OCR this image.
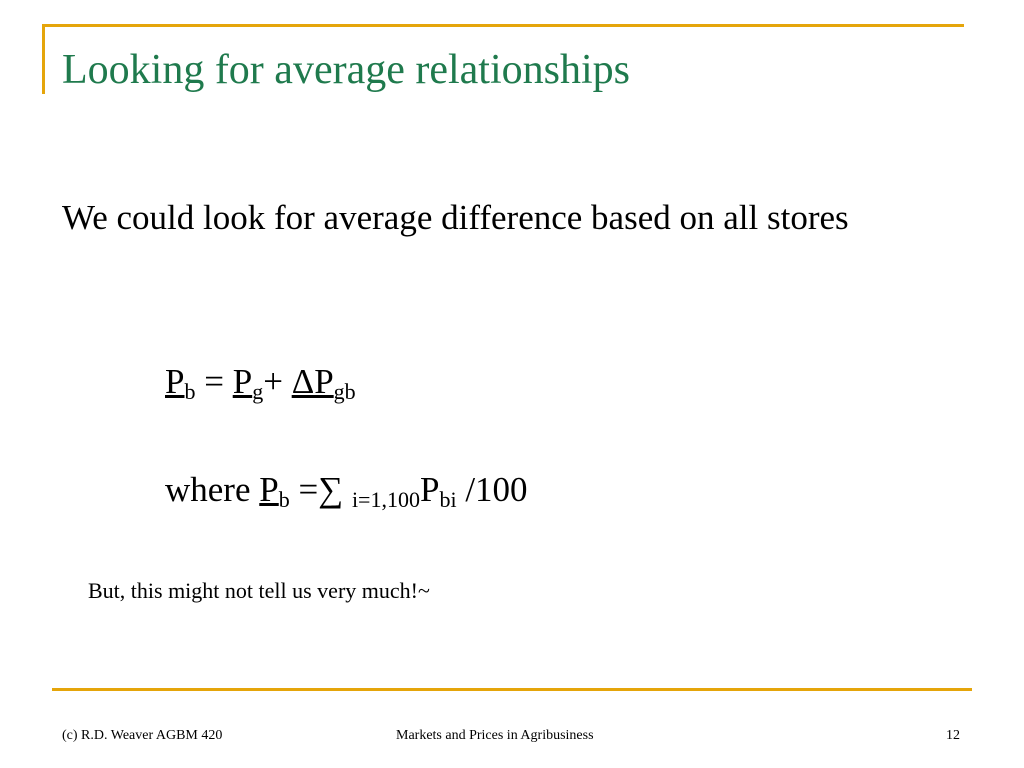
Looking for average relationships
We could look for average difference based on all stores
$P_b = P_g+ \Delta P_{gb}$
where $P_b$ =∑ $_{i=1,100}P_{bi}$ /100
But, this might not tell us very much!~
(c) R.D. Weaver AGBM 420	Markets and Prices in Agribusiness	12
